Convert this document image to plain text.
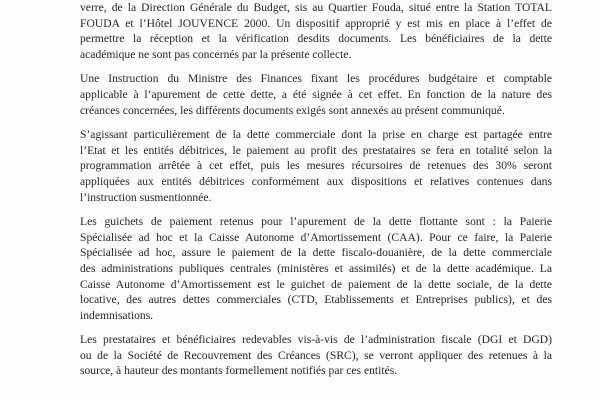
verre, de la Direction Générale du Budget, sis au Quartier Fouda, situé entre la Station TOTAL
FOUDA et l’Hôtel JOUVENCE 2000. Un dispositif approprié y est mis en place à l’effet de
permettre la réception et la vérification desdits documents. Les bénéficiaires de la dette
académique ne sont pas concernés par la présente collecte.
Une Instruction du Ministre des Finances fixant les procédures budgétaire et comptable
applicable à l’apurement de cette dette, a été signée à cet effet. En fonction de la nature des
créances concernées, les différents documents exigés sont annexés au présent communiqué.
S’agissant particulièrement de la dette commerciale dont la prise en charge est partagée entre
l’Etat et les entités débitrices, le paiement au profit des prestataires se fera en totalité selon la
programmation arrêtée à cet effet, puis les mesures récursoires de retenues des 30% seront
appliquées aux entités débitrices conformément aux dispositions et relatives contenues dans
l’instruction susmentionnée.
Les guichets de paiement retenus pour l’apurement de la dette flottante sont : la Paierie
Spécialisée ad hoc et la Caisse Autonome d’Amortissement (CAA). Pour ce faire, la Paierie
Spécialisée ad hoc, assure le paiement de la dette fiscalo-douanière, de la dette commerciale
des administrations publiques centrales (ministères et assimilés) et de la dette académique. La
Caisse Autonome d’Amortissement est le guichet de paiement de la dette sociale, de la dette
locative, des autres dettes commerciales (CTD, Etablissements et Entreprises publics), et des
indemnisations.
Les prestataires et bénéficiaires redevables vis-à-vis de l’administration fiscale (DGI et DGD)
ou de la Société de Recouvrement des Créances (SRC), se verront appliquer des retenues à la
source, à hauteur des montants formellement notifiés par ces entités.
